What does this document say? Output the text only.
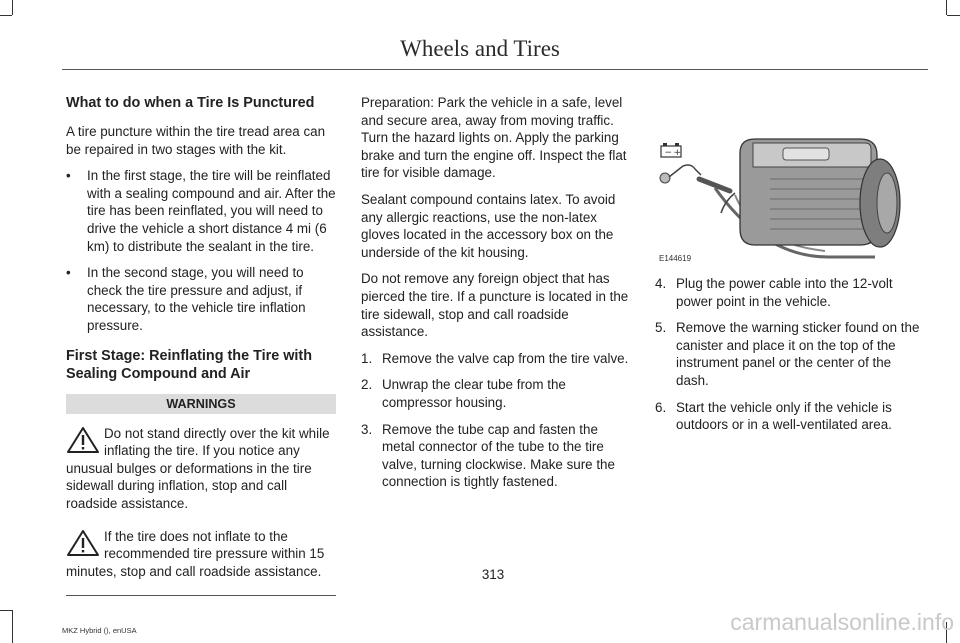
Wheels and Tires
What to do when a Tire Is Punctured

A tire puncture within the tire tread area can be repaired in two stages with the kit.

• In the first stage, the tire will be reinflated with a sealing compound and air. After the tire has been reinflated, you will need to drive the vehicle a short distance 4 mi (6 km) to distribute the sealant in the tire.
• In the second stage, you will need to check the tire pressure and adjust, if necessary, to the vehicle tire inflation pressure.
First Stage: Reinflating the Tire with Sealing Compound and Air
WARNINGS
Do not stand directly over the kit while inflating the tire. If you notice any unusual bulges or deformations in the tire sidewall during inflation, stop and call roadside assistance.
If the tire does not inflate to the recommended tire pressure within 15 minutes, stop and call roadside assistance.

Preparation: Park the vehicle in a safe, level and secure area, away from moving traffic. Turn the hazard lights on. Apply the parking brake and turn the engine off. Inspect the flat tire for visible damage.

Sealant compound contains latex. To avoid any allergic reactions, use the non-latex gloves located in the accessory box on the underside of the kit housing.

Do not remove any foreign object that has pierced the tire. If a puncture is located in the tire sidewall, stop and call roadside assistance.

1. Remove the valve cap from the tire valve.
2. Unwrap the clear tube from the compressor housing.
3. Remove the tube cap and fasten the metal connector of the tube to the tire valve, turning clockwise. Make sure the connection is tightly fastened.
− +
E144619
4. Plug the power cable into the 12-volt power point in the vehicle.
5. Remove the warning sticker found on the canister and place it on the top of the instrument panel or the center of the dash.
6. Start the vehicle only if the vehicle is outdoors or in a well-ventilated area.
313
MKZ Hybrid (), enUSA	carmanualsonline.info
